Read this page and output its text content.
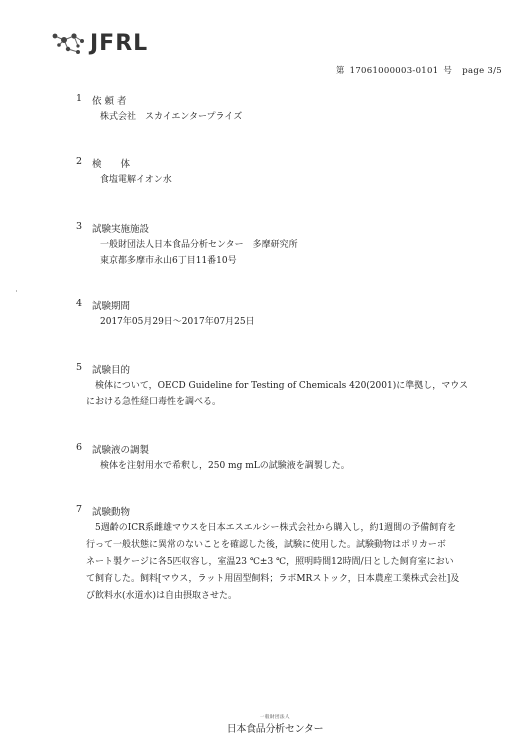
JFRL
第 17061000003-0101 号 page 3/5
1 依 頼 者
株式会社　スカイエンタープライズ
2 検　　体
食塩電解イオン水
3 試験実施施設
一般財団法人日本食品分析センター　多摩研究所
東京都多摩市永山6丁目11番10号
4 試験期間
2017年05月29日～2017年07月25日
5 試験目的
　検体について，OECD Guideline for Testing of Chemicals 420(2001)に準拠し，マウス
における急性経口毒性を調べる。
6 試験液の調製
検体を注射用水で希釈し，250 mg mLの試験液を調製した。
7 試験動物
　5週齢のICR系雌雄マウスを日本エスエルシー株式会社から購入し，約1週間の予備飼育を
行って一般状態に異常のないことを確認した後，試験に使用した。試験動物はポリカーボ
ネート製ケージに各5匹収容し，室温23 ℃±3 ℃，照明時間12時間/日とした飼育室におい
て飼育した。飼料[マウス，ラット用固型飼料；ラボMRストック，日本農産工業株式会社]及
び飲料水(水道水)は自由摂取させた。
一般財団法人
日本食品分析センター
